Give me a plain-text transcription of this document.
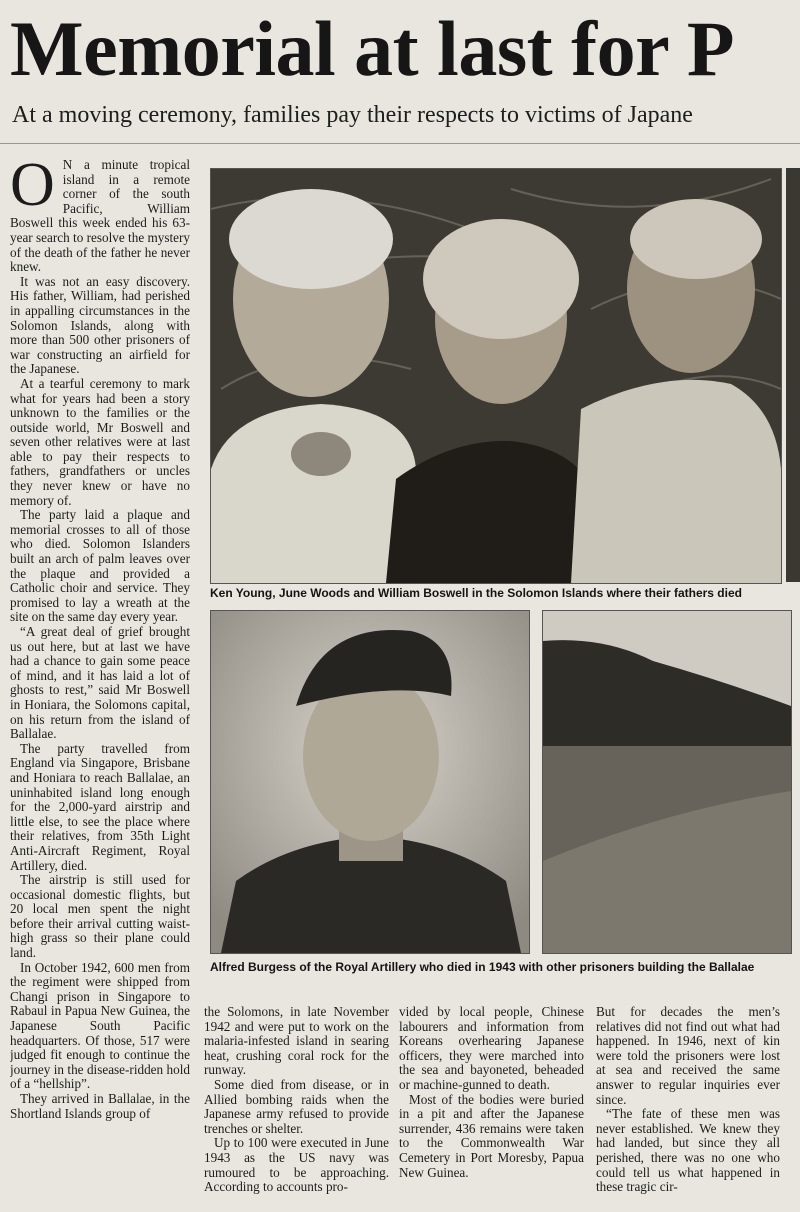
Memorial at last for P
At a moving ceremony, families pay their respects to victims of Japane

O N a minute tropical island in a remote corner of the south Pacific, William Boswell this week ended his 63-year search to resolve the mystery of the death of the father he never knew.

It was not an easy discovery. His father, William, had perished in appalling circumstances in the Solomon Islands, along with more than 500 other prisoners of war constructing an airfield for the Japanese.

At a tearful ceremony to mark what for years had been a story unknown to the families or the outside world, Mr Boswell and seven other relatives were at last able to pay their respects to fathers, grandfathers or uncles they never knew or have no memory of.

The party laid a plaque and memorial crosses to all of those who died. Solomon Islanders built an arch of palm leaves over the plaque and provided a Catholic choir and service. They promised to lay a wreath at the site on the same day every year.

“A great deal of grief brought us out here, but at last we have had a chance to gain some peace of mind, and it has laid a lot of ghosts to rest,” said Mr Boswell in Honiara, the Solomons capital, on his return from the island of Ballalae.

The party travelled from England via Singapore, Brisbane and Honiara to reach Ballalae, an uninhabited island long enough for the 2,000-yard airstrip and little else, to see the place where their relatives, from 35th Light Anti-Aircraft Regiment, Royal Artillery, died.

The airstrip is still used for occasional domestic flights, but 20 local men spent the night before their arrival cutting waist-high grass so their plane could land.

In October 1942, 600 men from the regiment were shipped from Changi prison in Singapore to Rabaul in Papua New Guinea, the Japanese South Pacific headquarters. Of those, 517 were judged fit enough to continue the journey in the disease-ridden hold of a “hellship”.

They arrived in Ballalae, in the Shortland Islands group of

Ken Young, June Woods and William Boswell in the Solomon Islands where their fathers died
Alfred Burgess of the Royal Artillery who died in 1943 with other prisoners building the Ballalae

the Solomons, in late November 1942 and were put to work on the malaria-infested island in searing heat, crushing coral rock for the runway.

Some died from disease, or in Allied bombing raids when the Japanese army refused to provide trenches or shelter.

Up to 100 were executed in June 1943 as the US navy was rumoured to be approaching. According to accounts pro-

vided by local people, Chinese labourers and information from Koreans overhearing Japanese officers, they were marched into the sea and bayoneted, beheaded or machine-gunned to death.

Most of the bodies were buried in a pit and after the Japanese surrender, 436 remains were taken to the Commonwealth War Cemetery in Port Moresby, Papua New Guinea.

But for decades the men’s relatives did not find out what had happened. In 1946, next of kin were told the prisoners were lost at sea and received the same answer to regular inquiries ever since.

“The fate of these men was never established. We knew they had landed, but since they all perished, there was no one who could tell us what happened in these tragic cir-
